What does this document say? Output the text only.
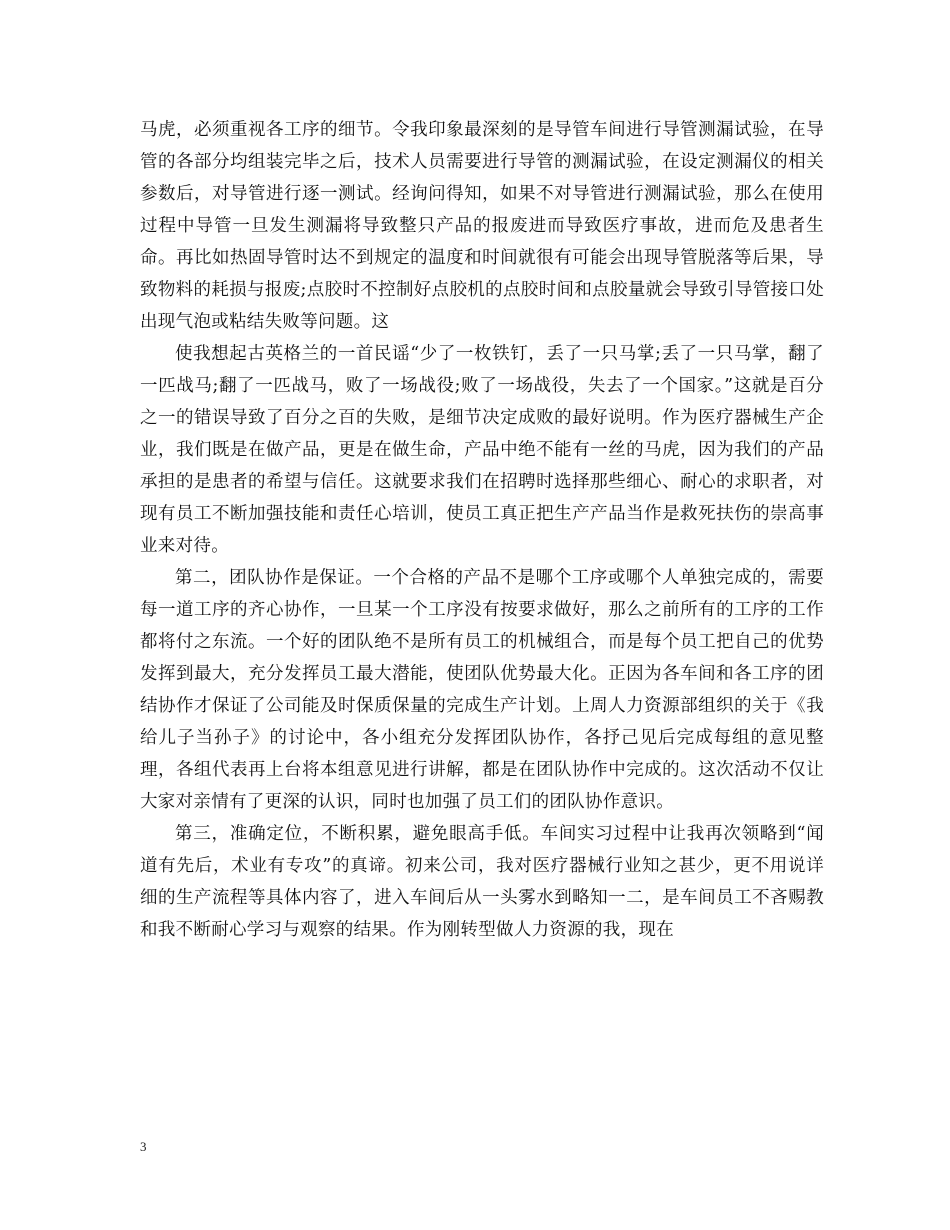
马虎，必须重视各工序的细节。令我印象最深刻的是导管车间进行导管测漏试验，在导管的各部分均组装完毕之后，技术人员需要进行导管的测漏试验，在设定测漏仪的相关参数后，对导管进行逐一测试。经询问得知，如果不对导管进行测漏试验，那么在使用过程中导管一旦发生测漏将导致整只产品的报废进而导致医疗事故，进而危及患者生命。再比如热固导管时达不到规定的温度和时间就很有可能会出现导管脱落等后果，导致物料的耗损与报废;点胶时不控制好点胶机的点胶时间和点胶量就会导致引导管接口处出现气泡或粘结失败等问题。这

使我想起古英格兰的一首民谣“少了一枚铁钉，丢了一只马掌;丢了一只马掌，翻了一匹战马;翻了一匹战马，败了一场战役;败了一场战役，失去了一个国家。”这就是百分之一的错误导致了百分之百的失败，是细节决定成败的最好说明。作为医疗器械生产企业，我们既是在做产品，更是在做生命，产品中绝不能有一丝的马虎，因为我们的产品承担的是患者的希望与信任。这就要求我们在招聘时选择那些细心、耐心的求职者，对现有员工不断加强技能和责任心培训，使员工真正把生产产品当作是救死扶伤的崇高事业来对待。

第二，团队协作是保证。一个合格的产品不是哪个工序或哪个人单独完成的，需要每一道工序的齐心协作，一旦某一个工序没有按要求做好，那么之前所有的工序的工作都将付之东流。一个好的团队绝不是所有员工的机械组合，而是每个员工把自己的优势发挥到最大，充分发挥员工最大潜能，使团队优势最大化。正因为各车间和各工序的团结协作才保证了公司能及时保质保量的完成生产计划。上周人力资源部组织的关于《我给儿子当孙子》的讨论中，各小组充分发挥团队协作，各抒己见后完成每组的意见整理，各组代表再上台将本组意见进行讲解，都是在团队协作中完成的。这次活动不仅让大家对亲情有了更深的认识，同时也加强了员工们的团队协作意识。

第三，准确定位，不断积累，避免眼高手低。车间实习过程中让我再次领略到“闻道有先后，术业有专攻”的真谛。初来公司，我对医疗器械行业知之甚少，更不用说详细的生产流程等具体内容了，进入车间后从一头雾水到略知一二，是车间员工不吝赐教和我不断耐心学习与观察的结果。作为刚转型做人力资源的我，现在

3
